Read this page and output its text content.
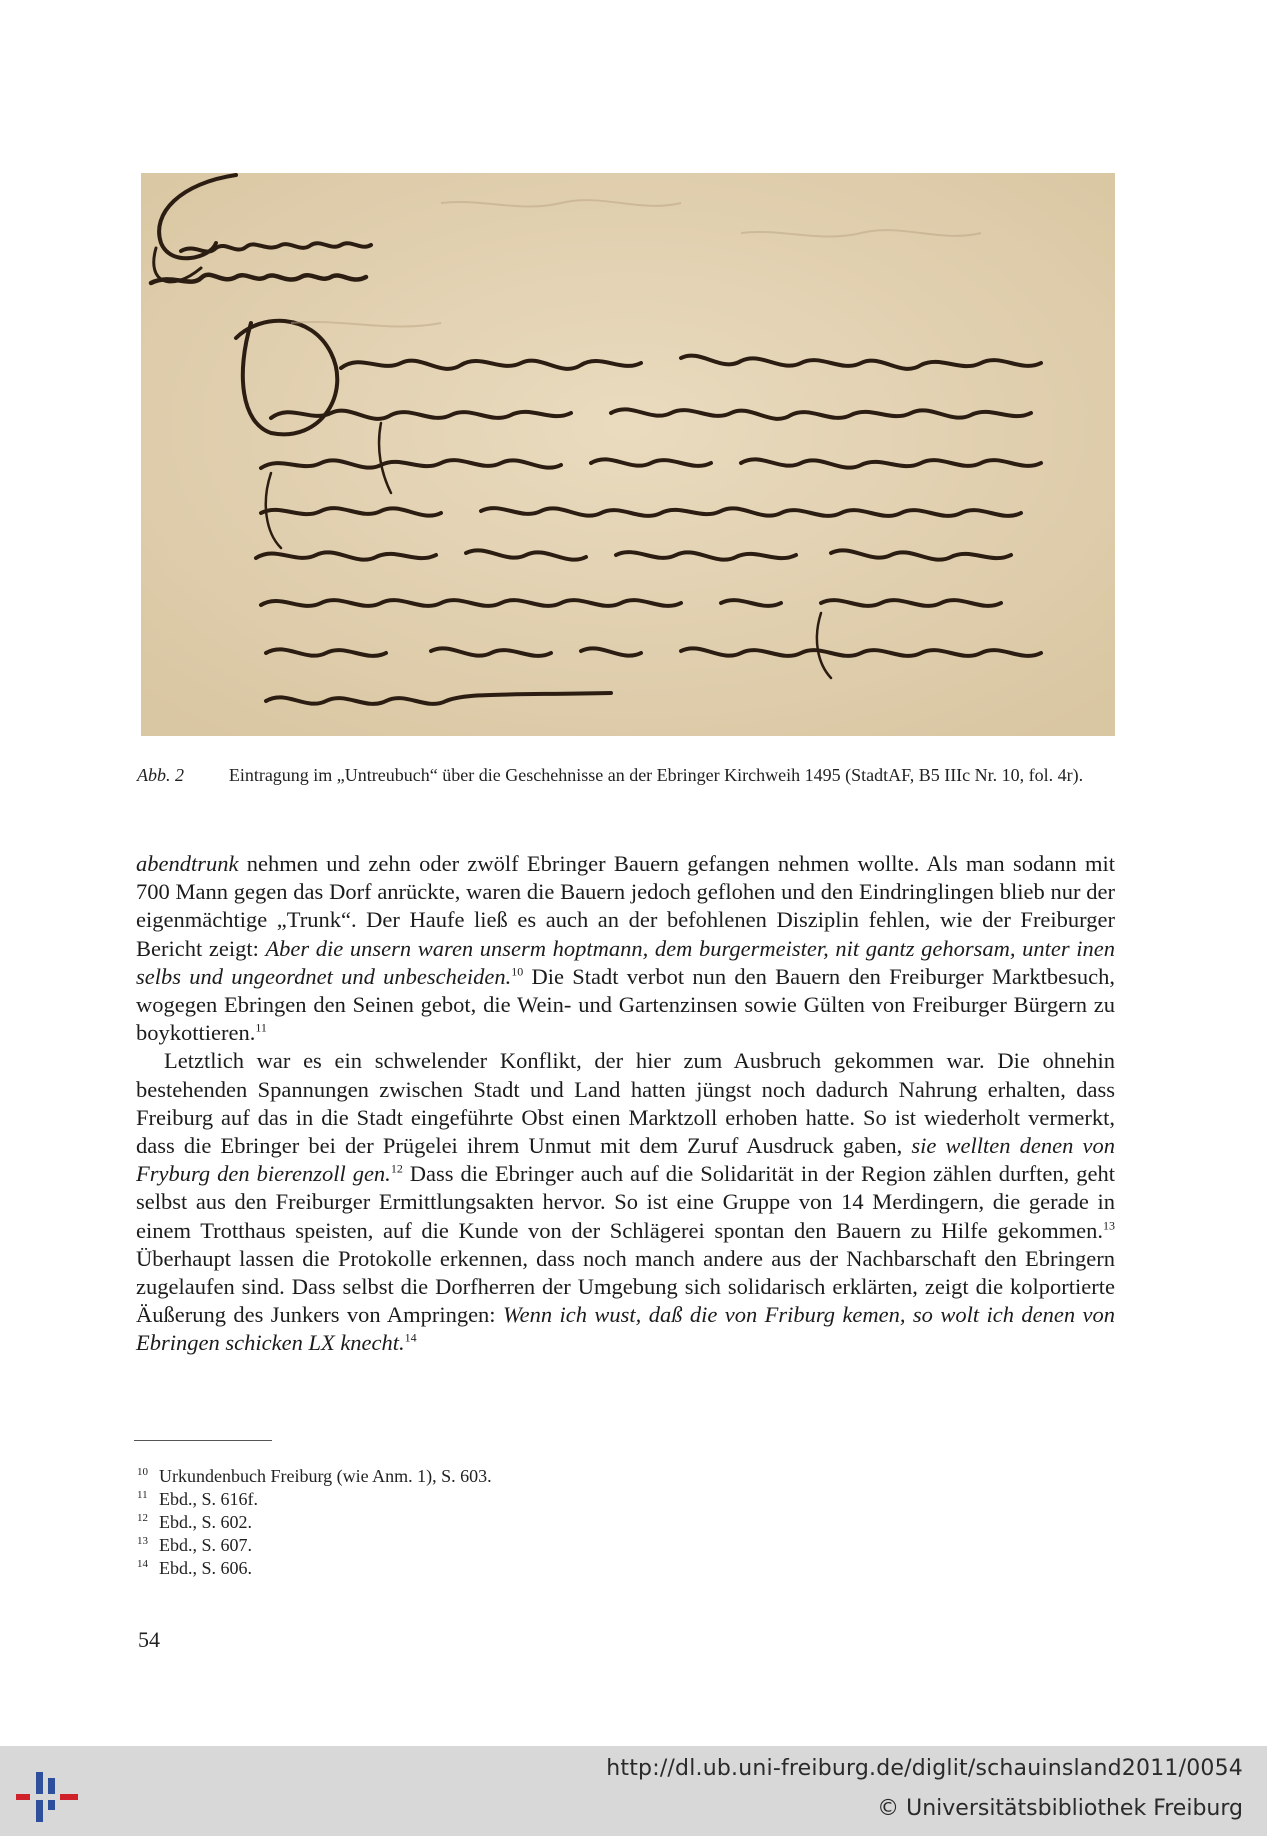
Abb. 2	Eintragung im „Untreubuch“ über die Geschehnisse an der Ebringer Kirchweih 1495 (StadtAF, B5 IIIc Nr. 10, fol. 4r).

abendtrunk nehmen und zehn oder zwölf Ebringer Bauern gefangen nehmen wollte. Als man sodann mit 700 Mann gegen das Dorf anrückte, waren die Bauern jedoch geflohen und den Eindringlingen blieb nur der eigenmächtige „Trunk“. Der Haufe ließ es auch an der befohlenen Disziplin fehlen, wie der Freiburger Bericht zeigt: Aber die unsern waren unserm hoptmann, dem burgermeister, nit gantz gehorsam, unter inen selbs und ungeordnet und unbescheiden.$^{10}$ Die Stadt verbot nun den Bauern den Freiburger Marktbesuch, wogegen Ebringen den Seinen gebot, die Wein- und Gartenzinsen sowie Gülten von Freiburger Bürgern zu boykottieren.$^{11}$

Letztlich war es ein schwelender Konflikt, der hier zum Ausbruch gekommen war. Die ohnehin bestehenden Spannungen zwischen Stadt und Land hatten jüngst noch dadurch Nahrung erhalten, dass Freiburg auf das in die Stadt eingeführte Obst einen Marktzoll erhoben hatte. So ist wiederholt vermerkt, dass die Ebringer bei der Prügelei ihrem Unmut mit dem Zuruf Ausdruck gaben, sie wellten denen von Fryburg den bierenzoll gen.$^{12}$ Dass die Ebringer auch auf die Solidarität in der Region zählen durften, geht selbst aus den Freiburger Ermittlungsakten hervor. So ist eine Gruppe von 14 Merdingern, die gerade in einem Trotthaus speisten, auf die Kunde von der Schlägerei spontan den Bauern zu Hilfe gekommen.$^{13}$ Überhaupt lassen die Protokolle erkennen, dass noch manch andere aus der Nachbarschaft den Ebringern zugelaufen sind. Dass selbst die Dorfherren der Umgebung sich solidarisch erklärten, zeigt die kolportierte Äußerung des Junkers von Ampringen: Wenn ich wust, daß die von Friburg kemen, so wolt ich denen von Ebringen schicken LX knecht.$^{14}$

10 Urkundenbuch Freiburg (wie Anm. 1), S. 603.
11 Ebd., S. 616f.
12 Ebd., S. 602.
13 Ebd., S. 607.
14 Ebd., S. 606.
54
http://dl.ub.uni-freiburg.de/diglit/schauinsland2011/0054
© Universitätsbibliothek Freiburg
